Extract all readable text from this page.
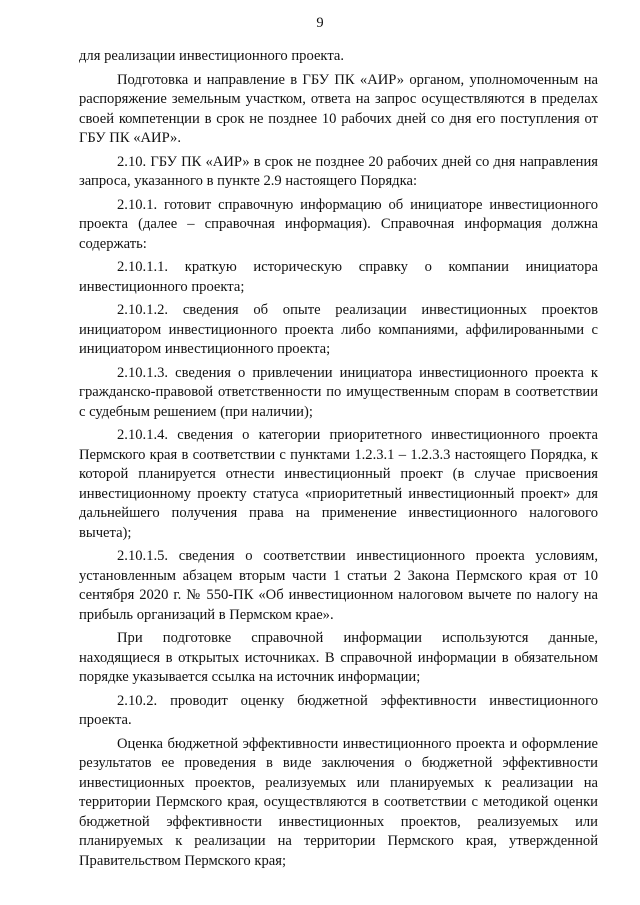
9

для реализации инвестиционного проекта.

Подготовка и направление в ГБУ ПК «АИР» органом, уполномоченным на распоряжение земельным участком, ответа на запрос осуществляются в пределах своей компетенции в срок не позднее 10 рабочих дней со дня его поступления от ГБУ ПК «АИР».

2.10. ГБУ ПК «АИР» в срок не позднее 20 рабочих дней со дня направления запроса, указанного в пункте 2.9 настоящего Порядка:

2.10.1. готовит справочную информацию об инициаторе инвестиционного проекта (далее – справочная информация). Справочная информация должна содержать:

2.10.1.1. краткую историческую справку о компании инициатора инвестиционного проекта;

2.10.1.2. сведения об опыте реализации инвестиционных проектов инициатором инвестиционного проекта либо компаниями, аффилированными с инициатором инвестиционного проекта;

2.10.1.3. сведения о привлечении инициатора инвестиционного проекта к гражданско-правовой ответственности по имущественным спорам в соответствии с судебным решением (при наличии);

2.10.1.4. сведения о категории приоритетного инвестиционного проекта Пермского края в соответствии с пунктами 1.2.3.1 – 1.2.3.3 настоящего Порядка, к которой планируется отнести инвестиционный проект (в случае присвоения инвестиционному проекту статуса «приоритетный инвестиционный проект» для дальнейшего получения права на применение инвестиционного налогового вычета);

2.10.1.5. сведения о соответствии инвестиционного проекта условиям, установленным абзацем вторым части 1 статьи 2 Закона Пермского края от 10 сентября 2020 г. № 550-ПК «Об инвестиционном налоговом вычете по налогу на прибыль организаций в Пермском крае».

При подготовке справочной информации используются данные, находящиеся в открытых источниках. В справочной информации в обязательном порядке указывается ссылка на источник информации;

2.10.2. проводит оценку бюджетной эффективности инвестиционного проекта.

Оценка бюджетной эффективности инвестиционного проекта и оформление результатов ее проведения в виде заключения о бюджетной эффективности инвестиционных проектов, реализуемых или планируемых к реализации на территории Пермского края, осуществляются в соответствии с методикой оценки бюджетной эффективности инвестиционных проектов, реализуемых или планируемых к реализации на территории Пермского края, утвержденной Правительством Пермского края;
